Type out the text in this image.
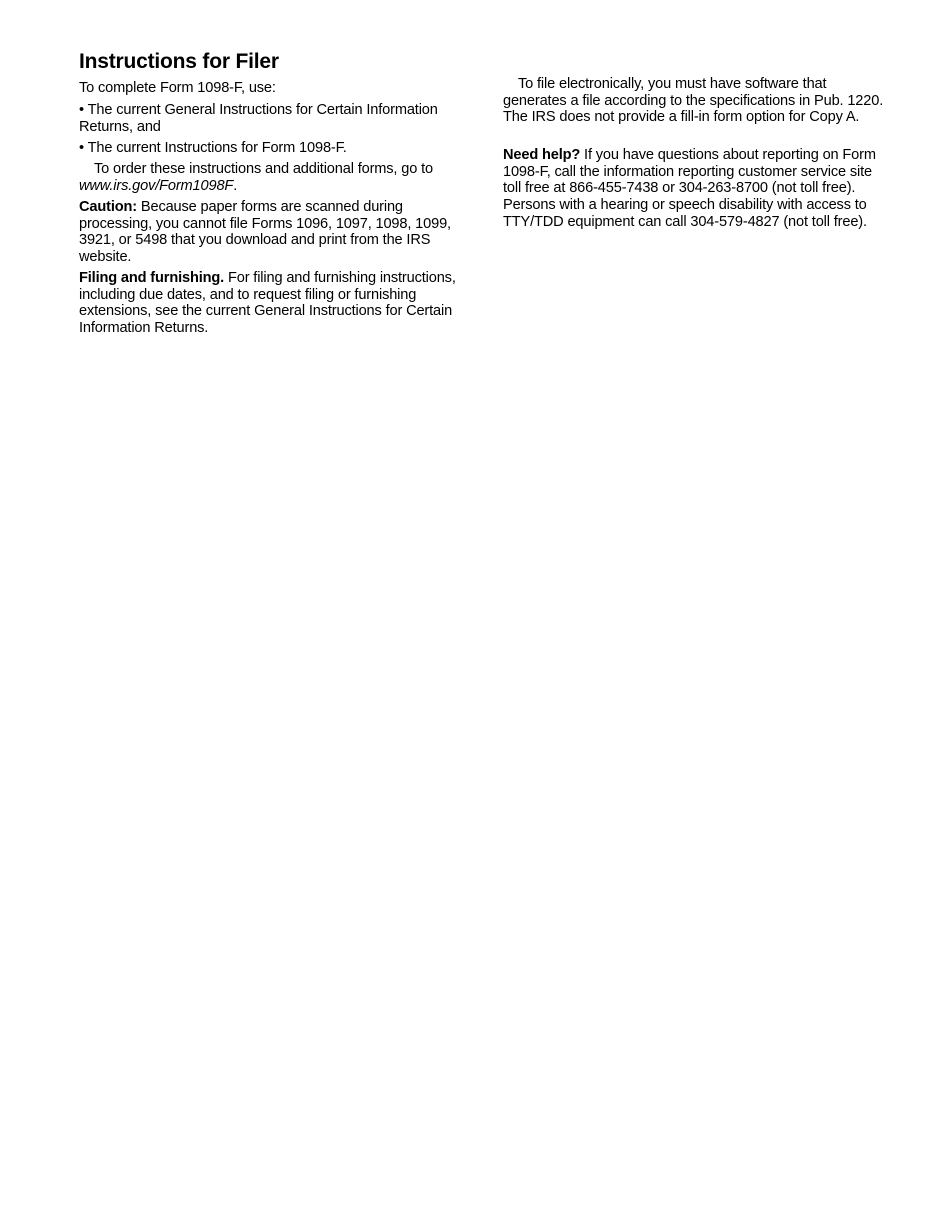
Instructions for Filer

To complete Form 1098-F, use:

• The current General Instructions for Certain Information Returns, and

• The current Instructions for Form 1098-F.

To order these instructions and additional forms, go to www.irs.gov/Form1098F.

Caution: Because paper forms are scanned during processing, you cannot file Forms 1096, 1097, 1098, 1099, 3921, or 5498 that you download and print from the IRS website.

Filing and furnishing. For filing and furnishing instructions, including due dates, and to request filing or furnishing extensions, see the current General Instructions for Certain Information Returns.

To file electronically, you must have software that generates a file according to the specifications in Pub. 1220. The IRS does not provide a fill-in form option for Copy A.

Need help? If you have questions about reporting on Form 1098-F, call the information reporting customer service site toll free at 866-455-7438 or 304-263-8700 (not toll free). Persons with a hearing or speech disability with access to TTY/TDD equipment can call 304-579-4827 (not toll free).
